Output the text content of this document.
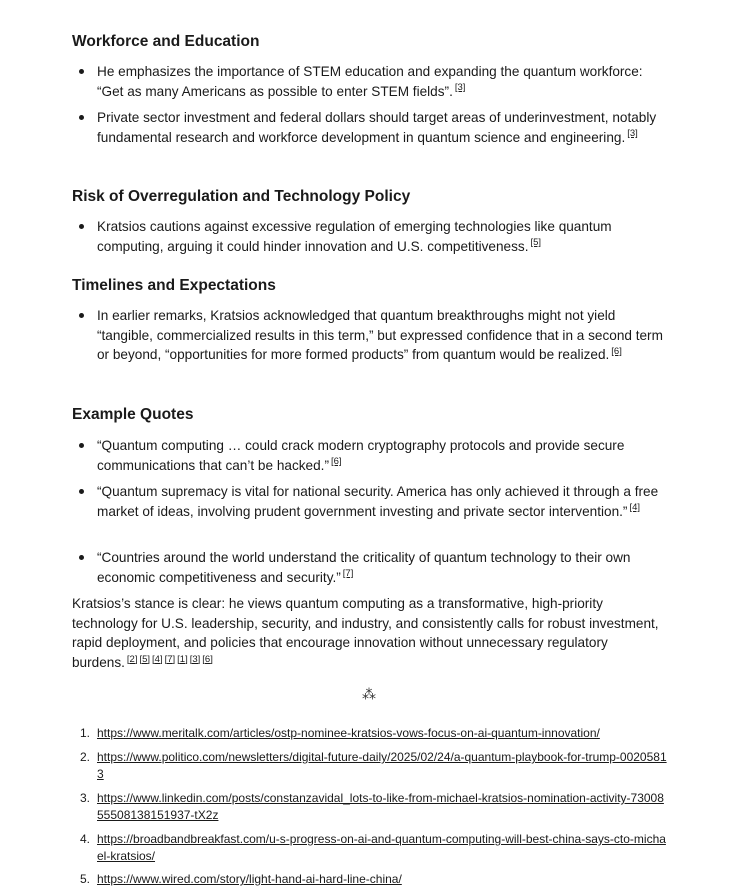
Workforce and Education
He emphasizes the importance of STEM education and expanding the quantum workforce: “Get as many Americans as possible to enter STEM fields”. [3]
Private sector investment and federal dollars should target areas of underinvestment, notably fundamental research and workforce development in quantum science and engineering. [3]
Risk of Overregulation and Technology Policy
Kratsios cautions against excessive regulation of emerging technologies like quantum computing, arguing it could hinder innovation and U.S. competitiveness. [5]
Timelines and Expectations
In earlier remarks, Kratsios acknowledged that quantum breakthroughs might not yield “tangible, commercialized results in this term,” but expressed confidence that in a second term or beyond, “opportunities for more formed products” from quantum would be realized. [6]
Example Quotes
“Quantum computing … could crack modern cryptography protocols and provide secure communications that can’t be hacked.” [6]
“Quantum supremacy is vital for national security. America has only achieved it through a free market of ideas, involving prudent government investing and private sector intervention.” [4]
“Countries around the world understand the criticality of quantum technology to their own economic competitiveness and security.” [7]
Kratsios’s stance is clear: he views quantum computing as a transformative, high-priority technology for U.S. leadership, security, and industry, and consistently calls for robust investment, rapid deployment, and policies that encourage innovation without unnecessary regulatory burdens. [2] [5] [4] [7] [1] [3] [6]
⁂
1. https://www.meritalk.com/articles/ostp-nominee-kratsios-vows-focus-on-ai-quantum-innovation/
2. https://www.politico.com/newsletters/digital-future-daily/2025/02/24/a-quantum-playbook-for-trump-00205813
3. https://www.linkedin.com/posts/constanzavidal_lots-to-like-from-michael-kratsios-nomination-activity-7300855508138151937-tX2z
4. https://broadbandbreakfast.com/u-s-progress-on-ai-and-quantum-computing-will-best-china-says-cto-michael-kratsios/
5. https://www.wired.com/story/light-hand-ai-hard-line-china/
